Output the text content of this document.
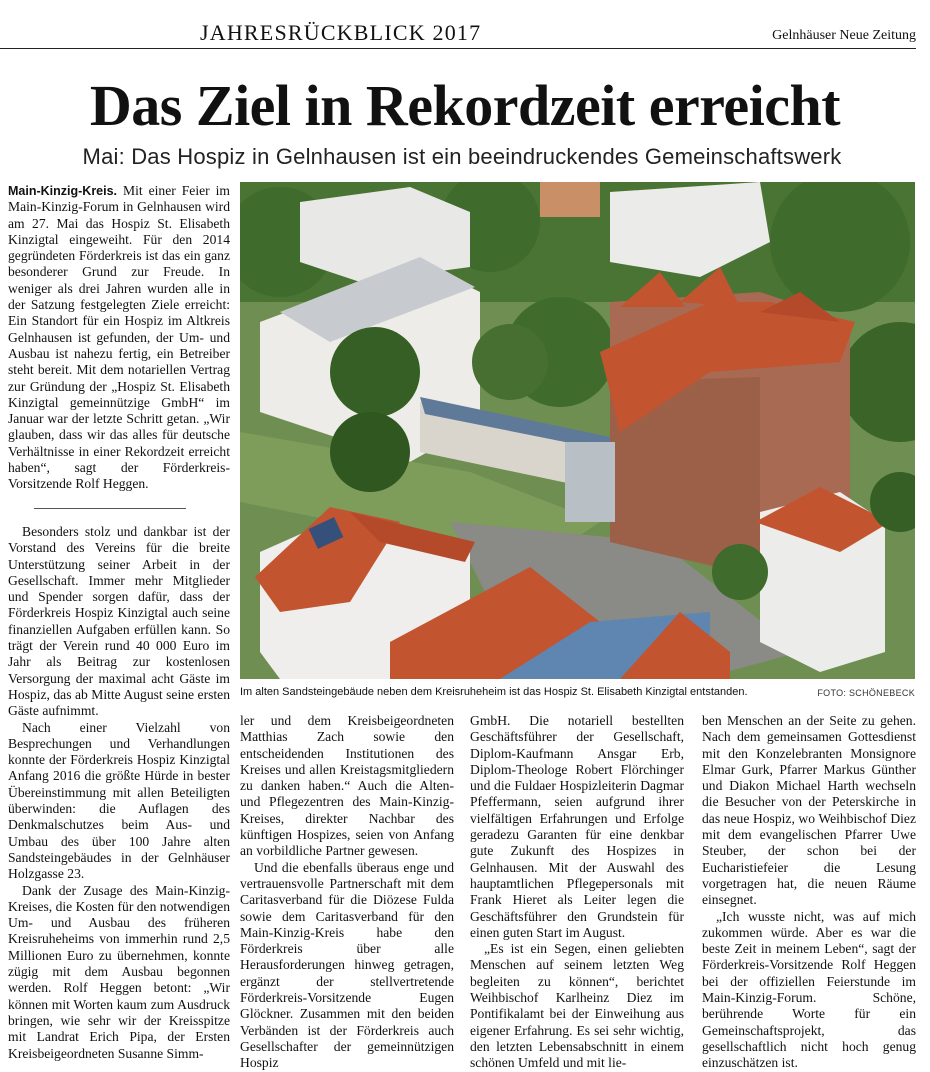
JAHRESRÜCKBLICK 2017	Gelnhäuser Neue Zeitung
Das Ziel in Rekordzeit erreicht
Mai: Das Hospiz in Gelnhausen ist ein beeindruckendes Gemeinschaftswerk

Main-Kinzig-Kreis. Mit einer Feier im Main-Kinzig-Forum in Gelnhausen wird am 27. Mai das Hospiz St. Elisabeth Kinzigtal eingeweiht. Für den 2014 gegründeten Förderkreis ist das ein ganz besonderer Grund zur Freude. In weniger als drei Jahren wurden alle in der Satzung festgelegten Ziele erreicht: Ein Standort für ein Hospiz im Altkreis Gelnhausen ist gefunden, der Um- und Ausbau ist nahezu fertig, ein Betreiber steht bereit. Mit dem notariellen Vertrag zur Gründung der „Hospiz St. Elisabeth Kinzigtal gemeinnützige GmbH“ im Januar war der letzte Schritt getan. „Wir glauben, dass wir das alles für deutsche Verhältnisse in einer Rekordzeit erreicht haben“, sagt der Förderkreis-Vorsitzende Rolf Heggen.

Besonders stolz und dankbar ist der Vorstand des Vereins für die breite Unterstützung seiner Arbeit in der Gesellschaft. Immer mehr Mitglieder und Spender sorgen dafür, dass der Förderkreis Hospiz Kinzigtal auch seine finanziellen Aufgaben erfüllen kann. So trägt der Verein rund 40 000 Euro im Jahr als Beitrag zur kostenlosen Versorgung der maximal acht Gäste im Hospiz, das ab Mitte August seine ersten Gäste aufnimmt.

Nach einer Vielzahl von Besprechungen und Verhandlungen konnte der Förderkreis Hospiz Kinzigtal Anfang 2016 die größte Hürde in bester Übereinstimmung mit allen Beteiligten überwinden: die Auflagen des Denkmalschutzes beim Aus- und Umbau des über 100 Jahre alten Sandsteingebäudes in der Gelnhäuser Holzgasse 23.

Dank der Zusage des Main-Kinzig-Kreises, die Kosten für den notwendigen Um- und Ausbau des früheren Kreisruheheims von immerhin rund 2,5 Millionen Euro zu übernehmen, konnte zügig mit dem Ausbau begonnen werden. Rolf Heggen betont: „Wir können mit Worten kaum zum Ausdruck bringen, wie sehr wir der Kreisspitze mit Landrat Erich Pipa, der Ersten Kreisbeigeordneten Susanne Simm-

Im alten Sandsteingebäude neben dem Kreisruheheim ist das Hospiz St. Elisabeth Kinzigtal entstanden.	FOTO: SCHÖNEBECK

ler und dem Kreisbeigeordneten Matthias Zach sowie den entscheidenden Institutionen des Kreises und allen Kreistagsmitgliedern zu danken haben.“ Auch die Alten- und Pflegezentren des Main-Kinzig-Kreises, direkter Nachbar des künftigen Hospizes, seien von Anfang an vorbildliche Partner gewesen.

Und die ebenfalls überaus enge und vertrauensvolle Partnerschaft mit dem Caritasverband für die Diözese Fulda sowie dem Caritasverband für den Main-Kinzig-Kreis habe den Förderkreis über alle Herausforderungen hinweg getragen, ergänzt der stellvertretende Förderkreis-Vorsitzende Eugen Glöckner. Zusammen mit den beiden Verbänden ist der Förderkreis auch Gesellschafter der gemeinnützigen Hospiz

GmbH. Die notariell bestellten Geschäftsführer der Gesellschaft, Diplom-Kaufmann Ansgar Erb, Diplom-Theologe Robert Flörchinger und die Fuldaer Hospizleiterin Dagmar Pfeffermann, seien aufgrund ihrer vielfältigen Erfahrungen und Erfolge geradezu Garanten für eine denkbar gute Zukunft des Hospizes in Gelnhausen. Mit der Auswahl des hauptamtlichen Pflegepersonals mit Frank Hieret als Leiter legen die Geschäftsführer den Grundstein für einen guten Start im August.

„Es ist ein Segen, einen geliebten Menschen auf seinem letzten Weg begleiten zu können“, berichtet Weihbischof Karlheinz Diez im Pontifikalamt bei der Einweihung aus eigener Erfahrung. Es sei sehr wichtig, den letzten Lebensabschnitt in einem schönen Umfeld und mit lie-

ben Menschen an der Seite zu gehen. Nach dem gemeinsamen Gottesdienst mit den Konzelebranten Monsignore Elmar Gurk, Pfarrer Markus Günther und Diakon Michael Harth wechseln die Besucher von der Peterskirche in das neue Hospiz, wo Weihbischof Diez mit dem evangelischen Pfarrer Uwe Steuber, der schon bei der Eucharistiefeier die Lesung vorgetragen hat, die neuen Räume einsegnet.

„Ich wusste nicht, was auf mich zukommen würde. Aber es war die beste Zeit in meinem Leben“, sagt der Förderkreis-Vorsitzende Rolf Heggen bei der offiziellen Feierstunde im Main-Kinzig-Forum. Schöne, berührende Worte für ein Gemeinschaftsprojekt, das gesellschaftlich nicht hoch genug einzuschätzen ist.
